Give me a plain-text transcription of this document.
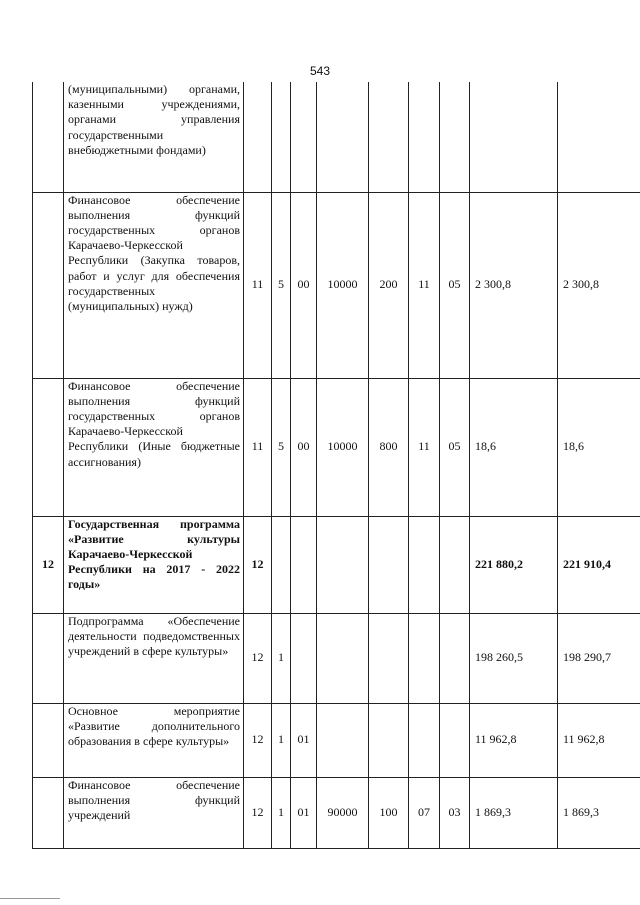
543
	(муниципальными) органами, казенными учреждениями, органами управления государственными внебюджетными фондами)									
	Финансовое обеспечение выполнения функций государственных органов Карачаево-Черкесской Республики (Закупка товаров, работ и услуг для обеспечения государственных (муниципальных) нужд)	11	5	00	10000	200	11	05	2 300,8	2 300,8
	Финансовое обеспечение выполнения функций государственных органов Карачаево-Черкесской Республики (Иные бюджетные ассигнования)	11	5	00	10000	800	11	05	18,6	18,6
12	Государственная программа «Развитие культуры Карачаево-Черкесской Республики на 2017 - 2022 годы»	12							221 880,2	221 910,4
	Подпрограмма «Обеспечение деятельности подведомственных учреждений в сфере культуры»	12	1						198 260,5	198 290,7
	Основное мероприятие «Развитие дополнительного образования в сфере культуры»	12	1	01					11 962,8	11 962,8
	Финансовое обеспечение выполнения функций учреждений	12	1	01	90000	100	07	03	1 869,3	1 869,3
